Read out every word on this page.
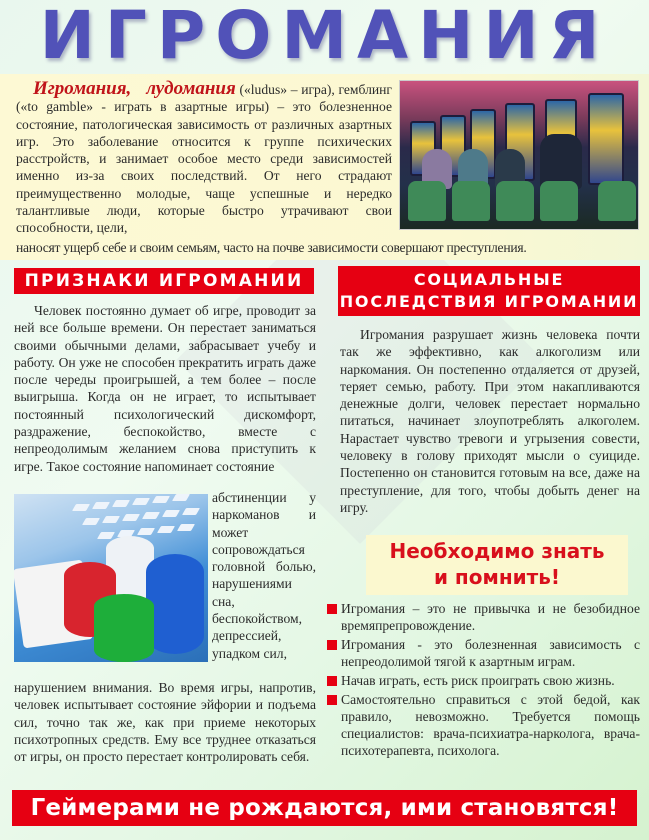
ИГРОМАНИЯ

Игромания, лудомания («ludus» – игра), гемблинг («to gamble» - играть в азартные игры) – это болезненное состояние, патологическая зависимость от различных азартных игр. Это заболевание относится к группе психических расстройств, и занимает особое место среди зависимостей именно из-за своих последствий. От него страдают преимущественно молодые, чаще успешные и нередко талантливые люди, которые быстро утрачивают свои способности, цели,

наносят ущерб себе и своим семьям, часто на почве зависимости совершают преступления.

ПРИЗНАКИ ИГРОМАНИИ	СОЦИАЛЬНЫЕ
ПОСЛЕДСТВИЯ ИГРОМАНИИ

Человек постоянно думает об игре, проводит за ней все больше времени. Он перестает заниматься своими обычными делами, забрасывает учебу и работу. Он уже не способен прекратить играть даже после череды проигрышей, а тем более – после выигрыша. Когда он не играет, то испытывает постоянный психологический дискомфорт, раздражение, беспокойство, вместе с непреодолимым желанием снова приступить к игре. Такое состояние напоминает состояние

абстиненции у наркоманов и может сопровождаться головной болью, нарушениями сна, беспокойством, депрессией, упадком сил,

нарушением внимания. Во время игры, напротив, человек испытывает состояние эйфории и подъема сил, точно так же, как при приеме некоторых психотропных средств. Ему все труднее отказаться от игры, он просто перестает контролировать себя.

Игромания разрушает жизнь человека почти так же эффективно, как алкоголизм или наркомания. Он постепенно отдаляется от друзей, теряет семью, работу. При этом накапливаются денежные долги, человек перестает нормально питаться, начинает злоупотреблять алкоголем. Нарастает чувство тревоги и угрызения совести, человеку в голову приходят мысли о суициде. Постепенно он становится готовым на все, даже на преступление, для того, чтобы добыть денег на игру.

Необходимо знать
и помнить!
Игромания – это не привычка и не безобидное времяпрепровождение.
Игромания - это болезненная зависимость с непреодолимой тягой к азартным играм.
Начав играть, есть риск проиграть свою жизнь.
Самостоятельно справиться с этой бедой, как правило, невозможно. Требуется помощь специалистов: врача-психиатра-нарколога, врача-психотерапевта, психолога.
Геймерами не рождаются, ими становятся!
